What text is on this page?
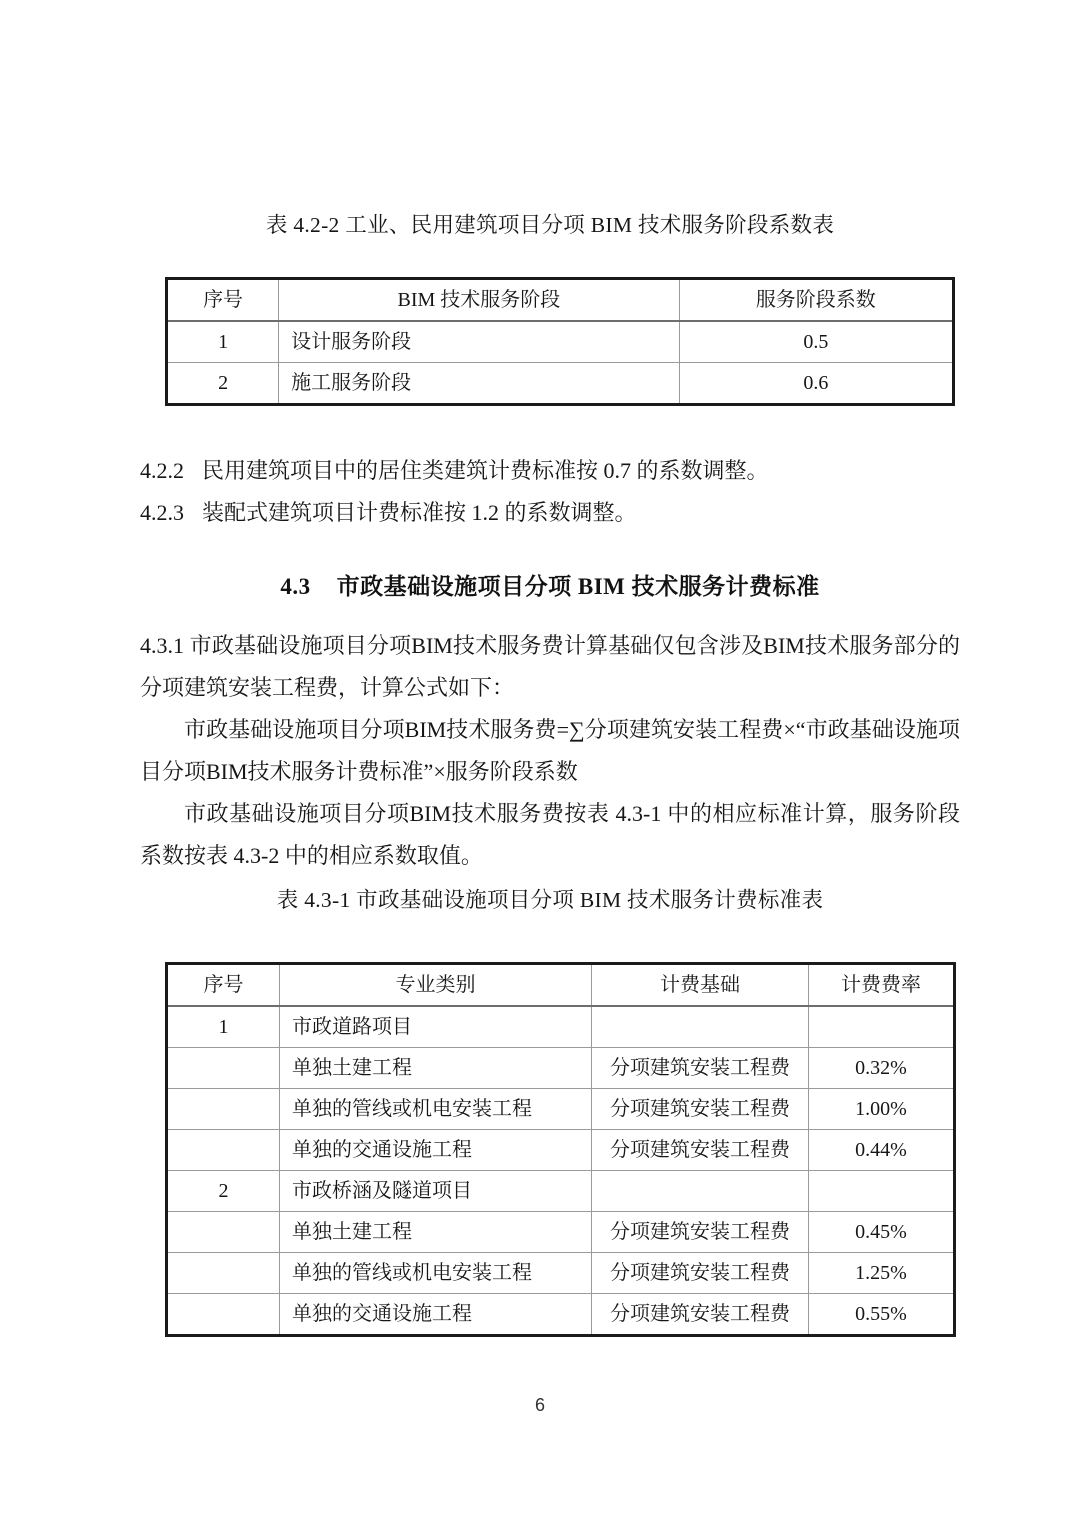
表 4.2-2 工业、民用建筑项目分项 BIM 技术服务阶段系数表
序号	BIM 技术服务阶段	服务阶段系数
1	设计服务阶段	0.5
2	施工服务阶段	0.6
4.2.2 民用建筑项目中的居住类建筑计费标准按 0.7 的系数调整。
4.2.3 装配式建筑项目计费标准按 1.2 的系数调整。
4.3 市政基础设施项目分项 BIM 技术服务计费标准
4.3.1 市政基础设施项目分项BIM技术服务费计算基础仅包含涉及BIM技术服务部分的分项建筑安装工程费，计算公式如下：
市政基础设施项目分项BIM技术服务费=∑分项建筑安装工程费×“市政基础设施项目分项BIM技术服务计费标准”×服务阶段系数
市政基础设施项目分项BIM技术服务费按表 4.3-1 中的相应标准计算，服务阶段系数按表 4.3-2 中的相应系数取值。
表 4.3-1 市政基础设施项目分项 BIM 技术服务计费标准表
序号	专业类别	计费基础	计费费率
1	市政道路项目		
	单独土建工程	分项建筑安装工程费	0.32%
	单独的管线或机电安装工程	分项建筑安装工程费	1.00%
	单独的交通设施工程	分项建筑安装工程费	0.44%
2	市政桥涵及隧道项目		
	单独土建工程	分项建筑安装工程费	0.45%
	单独的管线或机电安装工程	分项建筑安装工程费	1.25%
	单独的交通设施工程	分项建筑安装工程费	0.55%
6
